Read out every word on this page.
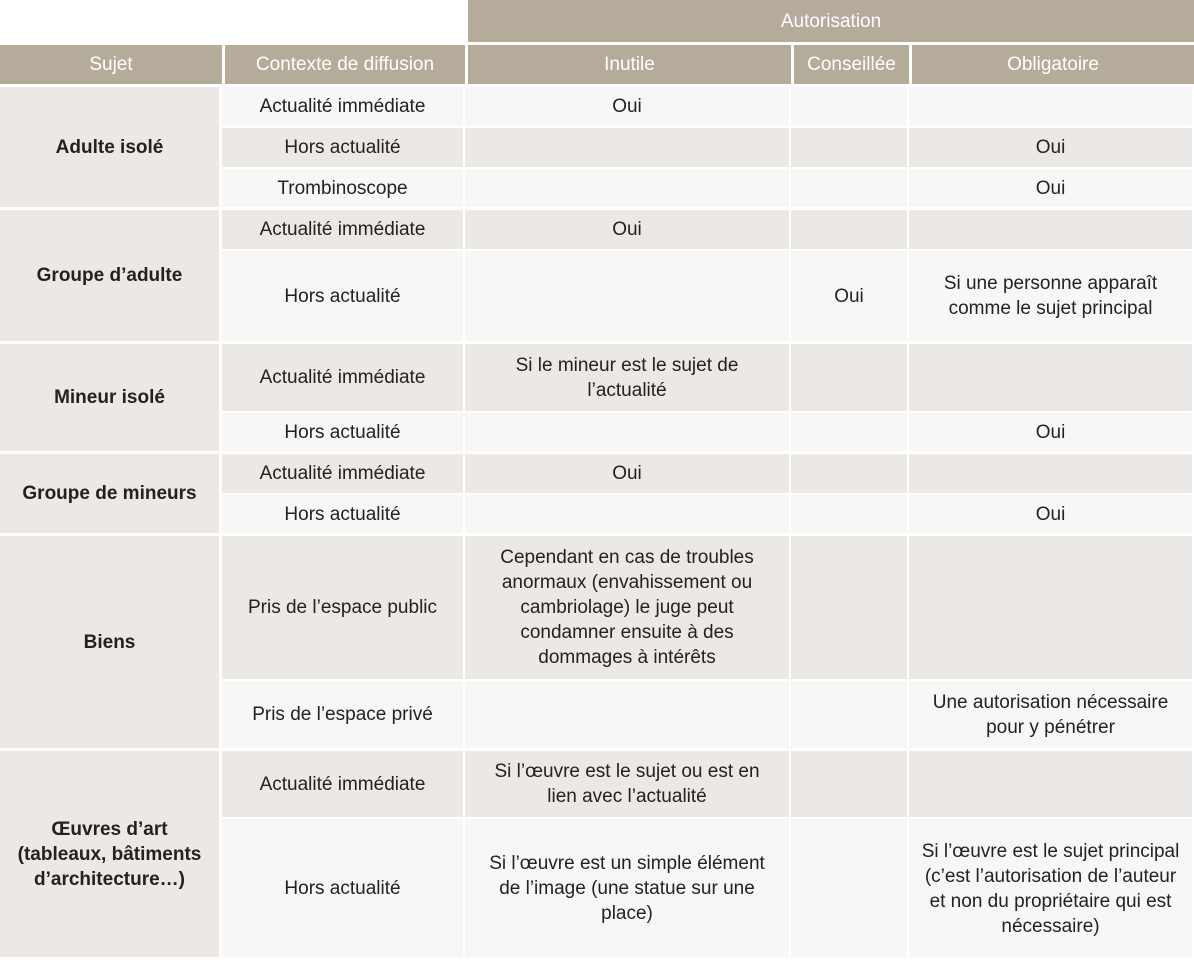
		Autorisation		
Sujet	Contexte de diffusion	Inutile	Conseillée	Obligatoire
Adulte isolé	Actualité immédiate	Oui		
	Hors actualité			Oui
	Trombinoscope			Oui
Groupe d’adulte	Actualité immédiate	Oui		
	Hors actualité		Oui	Si une personne apparaît comme le sujet principal
Mineur isolé	Actualité immédiate	Si le mineur est le sujet de l’actualité		
	Hors actualité			Oui
Groupe de mineurs	Actualité immédiate	Oui		
	Hors actualité			Oui
Biens	Pris de l’espace public	Cependant en cas de troubles anormaux (envahissement ou cambriolage) le juge peut condamner ensuite à des dommages à intérêts		
	Pris de l’espace privé			Une autorisation nécessaire pour y pénétrer
Œuvres d’art (tableaux, bâtiments d’architecture…)	Actualité immédiate	Si l’œuvre est le sujet ou est en lien avec l’actualité		
	Hors actualité	Si l’œuvre est un simple élément de l’image (une statue sur une place)		Si l’œuvre est le sujet principal (c’est l’autorisation de l’auteur et non du propriétaire qui est nécessaire)
